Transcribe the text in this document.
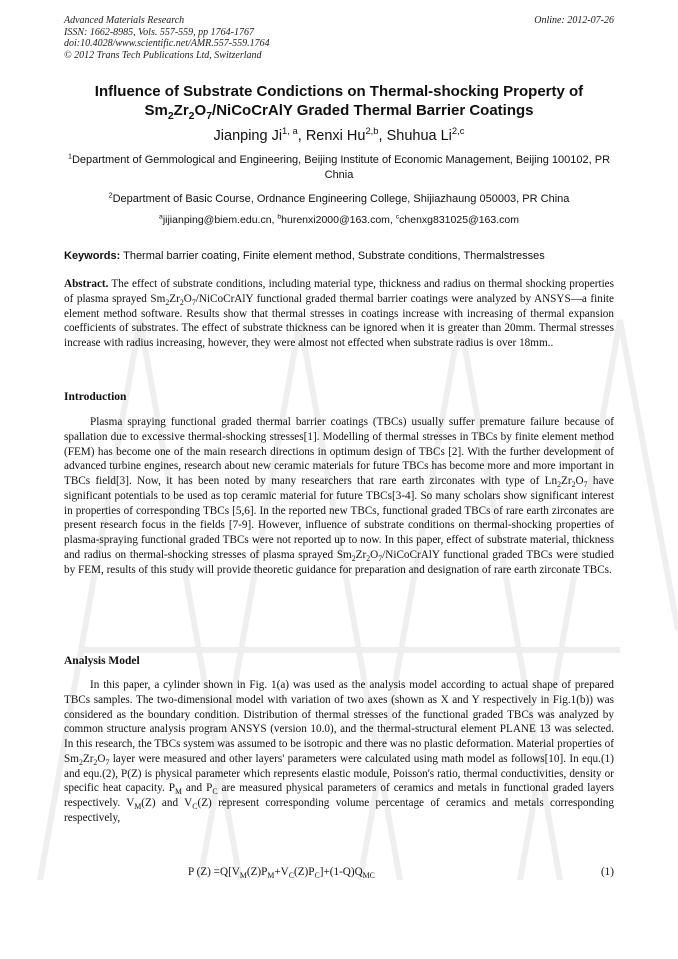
Advanced Materials Research
ISSN: 1662-8985, Vols. 557-559, pp 1764-1767
doi:10.4028/www.scientific.net/AMR.557-559.1764
© 2012 Trans Tech Publications Ltd, Switzerland
Online: 2012-07-26
Influence of Substrate Condictions on Thermal-shocking Property of
$Sm_2Zr_2O_7$/NiCoCrAlY Graded Thermal Barrier Coatings
Jianping Ji$^{1, a}$, Renxi Hu$^{2,b}$, Shuhua Li$^{2,c}$
$^1$Department of Gemmological and Engineering, Beijing Institute of Economic Management, Beijing 100102, PR Chnia
$^2$Department of Basic Course, Ordnance Engineering College, Shijiazhaung 050003, PR China
$^a$jijianping@biem.edu.cn, $^b$hurenxi2000@163.com, $^c$chenxg831025@163.com
Keywords: Thermal barrier coating, Finite element method, Substrate conditions, Thermalstresses

Abstract. The effect of substrate conditions, including material type, thickness and radius on thermal shocking properties of plasma sprayed $Sm_2Zr_2O_7$/NiCoCrAlY functional graded thermal barrier coatings were analyzed by ANSYS—a finite element method software. Results show that thermal stresses in coatings increase with increasing of thermal expansion coefficients of substrates. The effect of substrate thickness can be ignored when it is greater than 20mm. Thermal stresses increase with radius increasing, however, they were almost not effected when substrate radius is over 18mm..

Introduction

Plasma spraying functional graded thermal barrier coatings (TBCs) usually suffer premature failure because of spallation due to excessive thermal-shocking stresses[1]. Modelling of thermal stresses in TBCs by finite element method (FEM) has become one of the main research directions in optimum design of TBCs [2]. With the further development of advanced turbine engines, research about new ceramic materials for future TBCs has become more and more important in TBCs field[3]. Now, it has been noted by many researchers that rare earth zirconates with type of $Ln_2Zr_2O_7$ have significant potentials to be used as top ceramic material for future TBCs[3-4]. So many scholars show significant interest in properties of corresponding TBCs [5,6]. In the reported new TBCs, functional graded TBCs of rare earth zirconates are present research focus in the fields [7-9]. However, influence of substrate conditions on thermal-shocking properties of plasma-spraying functional graded TBCs were not reported up to now. In this paper, effect of substrate material, thickness and radius on thermal-shocking stresses of plasma sprayed $Sm_2Zr_2O_7$/NiCoCrAlY functional graded TBCs were studied by FEM, results of this study will provide theoretic guidance for preparation and designation of rare earth zirconate TBCs.

Analysis Model

In this paper, a cylinder shown in Fig. 1(a) was used as the analysis model according to actual shape of prepared TBCs samples. The two-dimensional model with variation of two axes (shown as X and Y respectively in Fig.1(b)) was considered as the boundary condition. Distribution of thermal stresses of the functional graded TBCs was analyzed by common structure analysis program ANSYS (version 10.0), and the thermal-structural element PLANE 13 was selected. In this research, the TBCs system was assumed to be isotropic and there was no plastic deformation. Material properties of $Sm_2Zr_2O_7$ layer were measured and other layers' parameters were calculated using math model as follows[10]. In equ.(1) and equ.(2), P(Z) is physical parameter which represents elastic module, Poisson's ratio, thermal conductivities, density or specific heat capacity. $P_M$ and $P_C$ are measured physical parameters of ceramics and metals in functional graded layers respectively. $V_M(Z)$ and $V_C(Z)$ represent corresponding volume percentage of ceramics and metals corresponding respectively,

P $(Z) =Q[V_M(Z)P_M+V_C(Z)P_C]+(1-Q)Q_{MC}$	(1)
